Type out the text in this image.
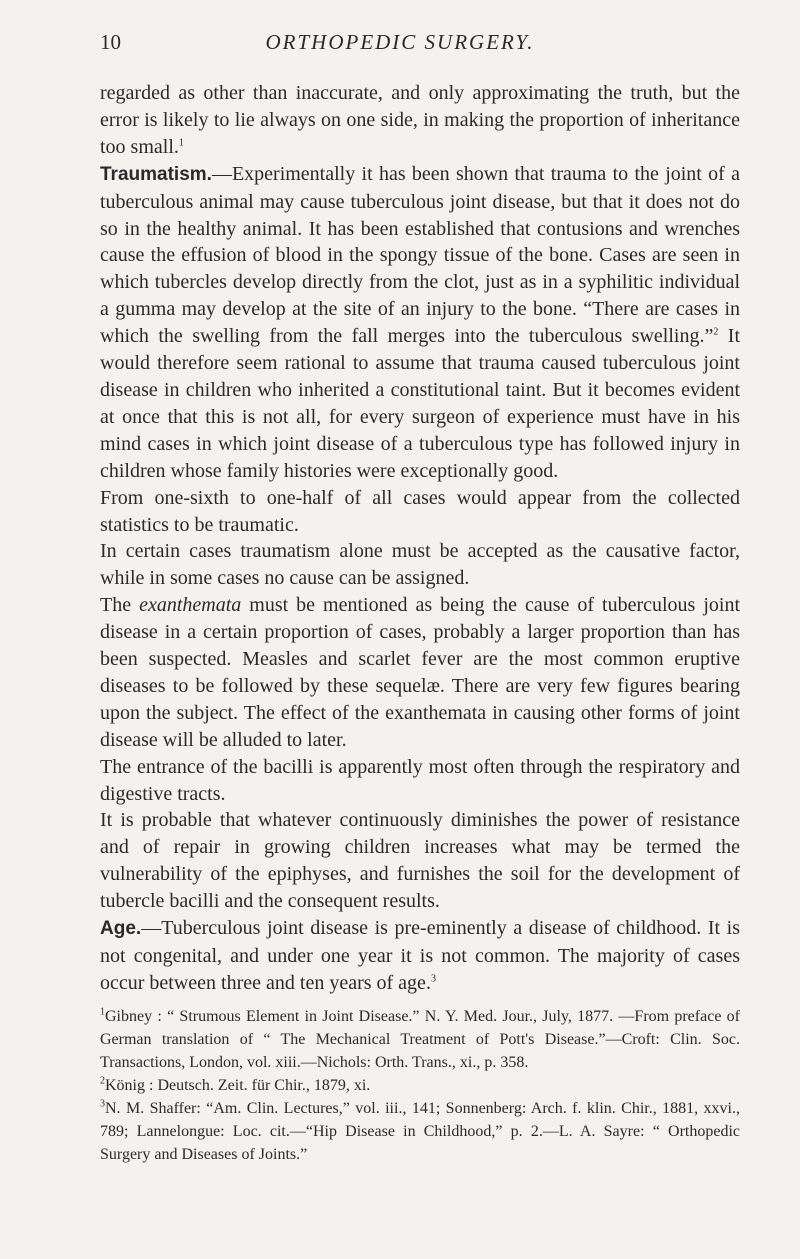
10	ORTHOPEDIC SURGERY.

regarded as other than inaccurate, and only approximating the truth, but the error is likely to lie always on one side, in making the proportion of inheritance too small.$^1$

Traumatism.—Experimentally it has been shown that trauma to the joint of a tuberculous animal may cause tuberculous joint disease, but that it does not do so in the healthy animal. It has been established that contusions and wrenches cause the effusion of blood in the spongy tissue of the bone. Cases are seen in which tubercles develop directly from the clot, just as in a syphilitic individual a gumma may develop at the site of an injury to the bone. “There are cases in which the swelling from the fall merges into the tuberculous swelling.”$^2$ It would therefore seem rational to assume that trauma caused tuberculous joint disease in children who inherited a constitutional taint. But it becomes evident at once that this is not all, for every surgeon of experience must have in his mind cases in which joint disease of a tuberculous type has followed injury in children whose family histories were exceptionally good.

From one-sixth to one-half of all cases would appear from the collected statistics to be traumatic.

In certain cases traumatism alone must be accepted as the causative factor, while in some cases no cause can be assigned.

The exanthemata must be mentioned as being the cause of tuberculous joint disease in a certain proportion of cases, probably a larger proportion than has been suspected. Measles and scarlet fever are the most common eruptive diseases to be followed by these sequelæ. There are very few figures bearing upon the subject. The effect of the exanthemata in causing other forms of joint disease will be alluded to later.

The entrance of the bacilli is apparently most often through the respiratory and digestive tracts.

It is probable that whatever continuously diminishes the power of resistance and of repair in growing children increases what may be termed the vulnerability of the epiphyses, and furnishes the soil for the development of tubercle bacilli and the consequent results.

Age.—Tuberculous joint disease is pre-eminently a disease of childhood. It is not congenital, and under one year it is not common. The majority of cases occur between three and ten years of age.$^3$

$^1$Gibney : “ Strumous Element in Joint Disease.” N. Y. Med. Jour., July, 1877. —From preface of German translation of “ The Mechanical Treatment of Pott's Disease.”—Croft: Clin. Soc. Transactions, London, vol. xiii.—Nichols: Orth. Trans., xi., p. 358.

$^2$König : Deutsch. Zeit. für Chir., 1879, xi.

$^3$N. M. Shaffer: “Am. Clin. Lectures,” vol. iii., 141; Sonnenberg: Arch. f. klin. Chir., 1881, xxvi., 789; Lannelongue: Loc. cit.—“Hip Disease in Childhood,” p. 2.—L. A. Sayre: “ Orthopedic Surgery and Diseases of Joints.”
